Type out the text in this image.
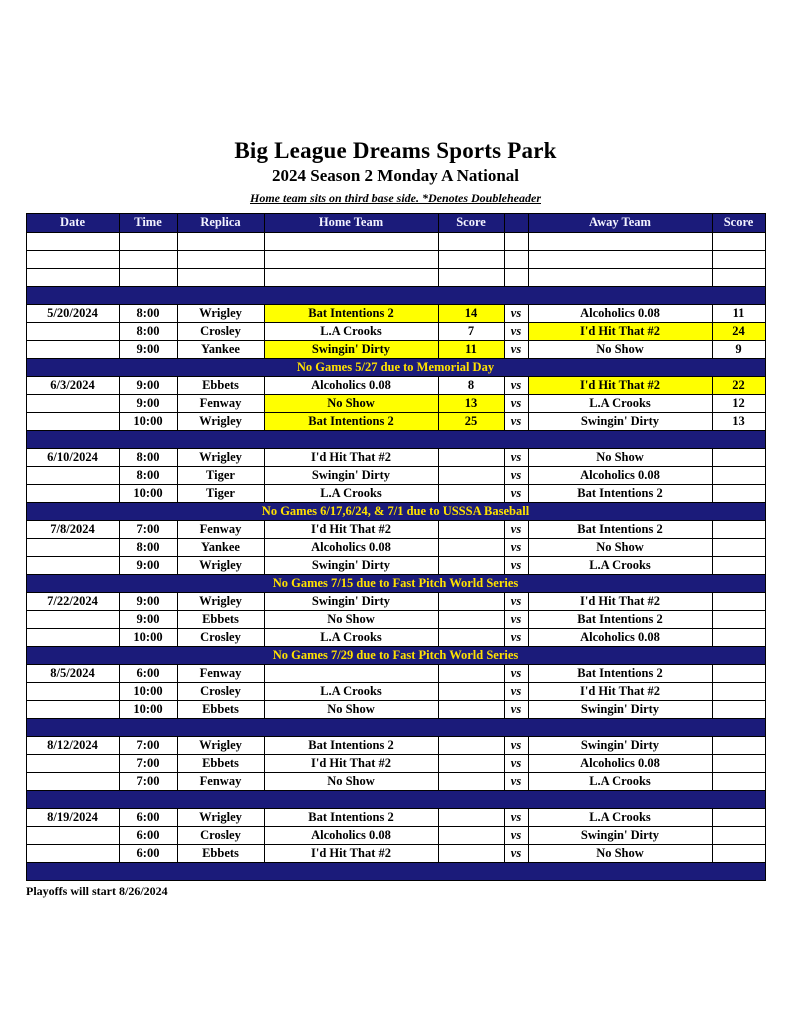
Big League Dreams Sports Park
2024 Season 2 Monday A National
Home team sits on third base side. *Denotes Doubleheader
Date	Time	Replica	Home Team	Score		Away Team	Score

5/20/2024	8:00	Wrigley	Bat Intentions 2	14	vs	Alcoholics 0.08	11
	8:00	Crosley	L.A Crooks	7	vs	I'd Hit That #2	24
	9:00	Yankee	Swingin' Dirty	11	vs	No Show	9
No Games 5/27 due to Memorial Day							
6/3/2024	9:00	Ebbets	Alcoholics 0.08	8	vs	I'd Hit That #2	22
	9:00	Fenway	No Show	13	vs	L.A Crooks	12
	10:00	Wrigley	Bat Intentions 2	25	vs	Swingin' Dirty	13

6/10/2024	8:00	Wrigley	I'd Hit That #2		vs	No Show	
	8:00	Tiger	Swingin' Dirty		vs	Alcoholics 0.08	
	10:00	Tiger	L.A Crooks		vs	Bat Intentions 2	
No Games 6/17,6/24, & 7/1 due to USSSA Baseball							
7/8/2024	7:00	Fenway	I'd Hit That #2		vs	Bat Intentions 2	
	8:00	Yankee	Alcoholics 0.08		vs	No Show	
	9:00	Wrigley	Swingin' Dirty		vs	L.A Crooks	
No Games 7/15 due to Fast Pitch World Series							
7/22/2024	9:00	Wrigley	Swingin' Dirty		vs	I'd Hit That #2	
	9:00	Ebbets	No Show		vs	Bat Intentions 2	
	10:00	Crosley	L.A Crooks		vs	Alcoholics 0.08	
No Games 7/29 due to Fast Pitch World Series							
8/5/2024	6:00	Fenway			vs	Bat Intentions 2	
	10:00	Crosley	L.A Crooks		vs	I'd Hit That #2	
	10:00	Ebbets	No Show		vs	Swingin' Dirty	

8/12/2024	7:00	Wrigley	Bat Intentions 2		vs	Swingin' Dirty	
	7:00	Ebbets	I'd Hit That #2		vs	Alcoholics 0.08	
	7:00	Fenway	No Show		vs	L.A Crooks	

8/19/2024	6:00	Wrigley	Bat Intentions 2		vs	L.A Crooks	
	6:00	Crosley	Alcoholics 0.08		vs	Swingin' Dirty	
	6:00	Ebbets	I'd Hit That #2		vs	No Show	

Playoffs will start 8/26/2024
